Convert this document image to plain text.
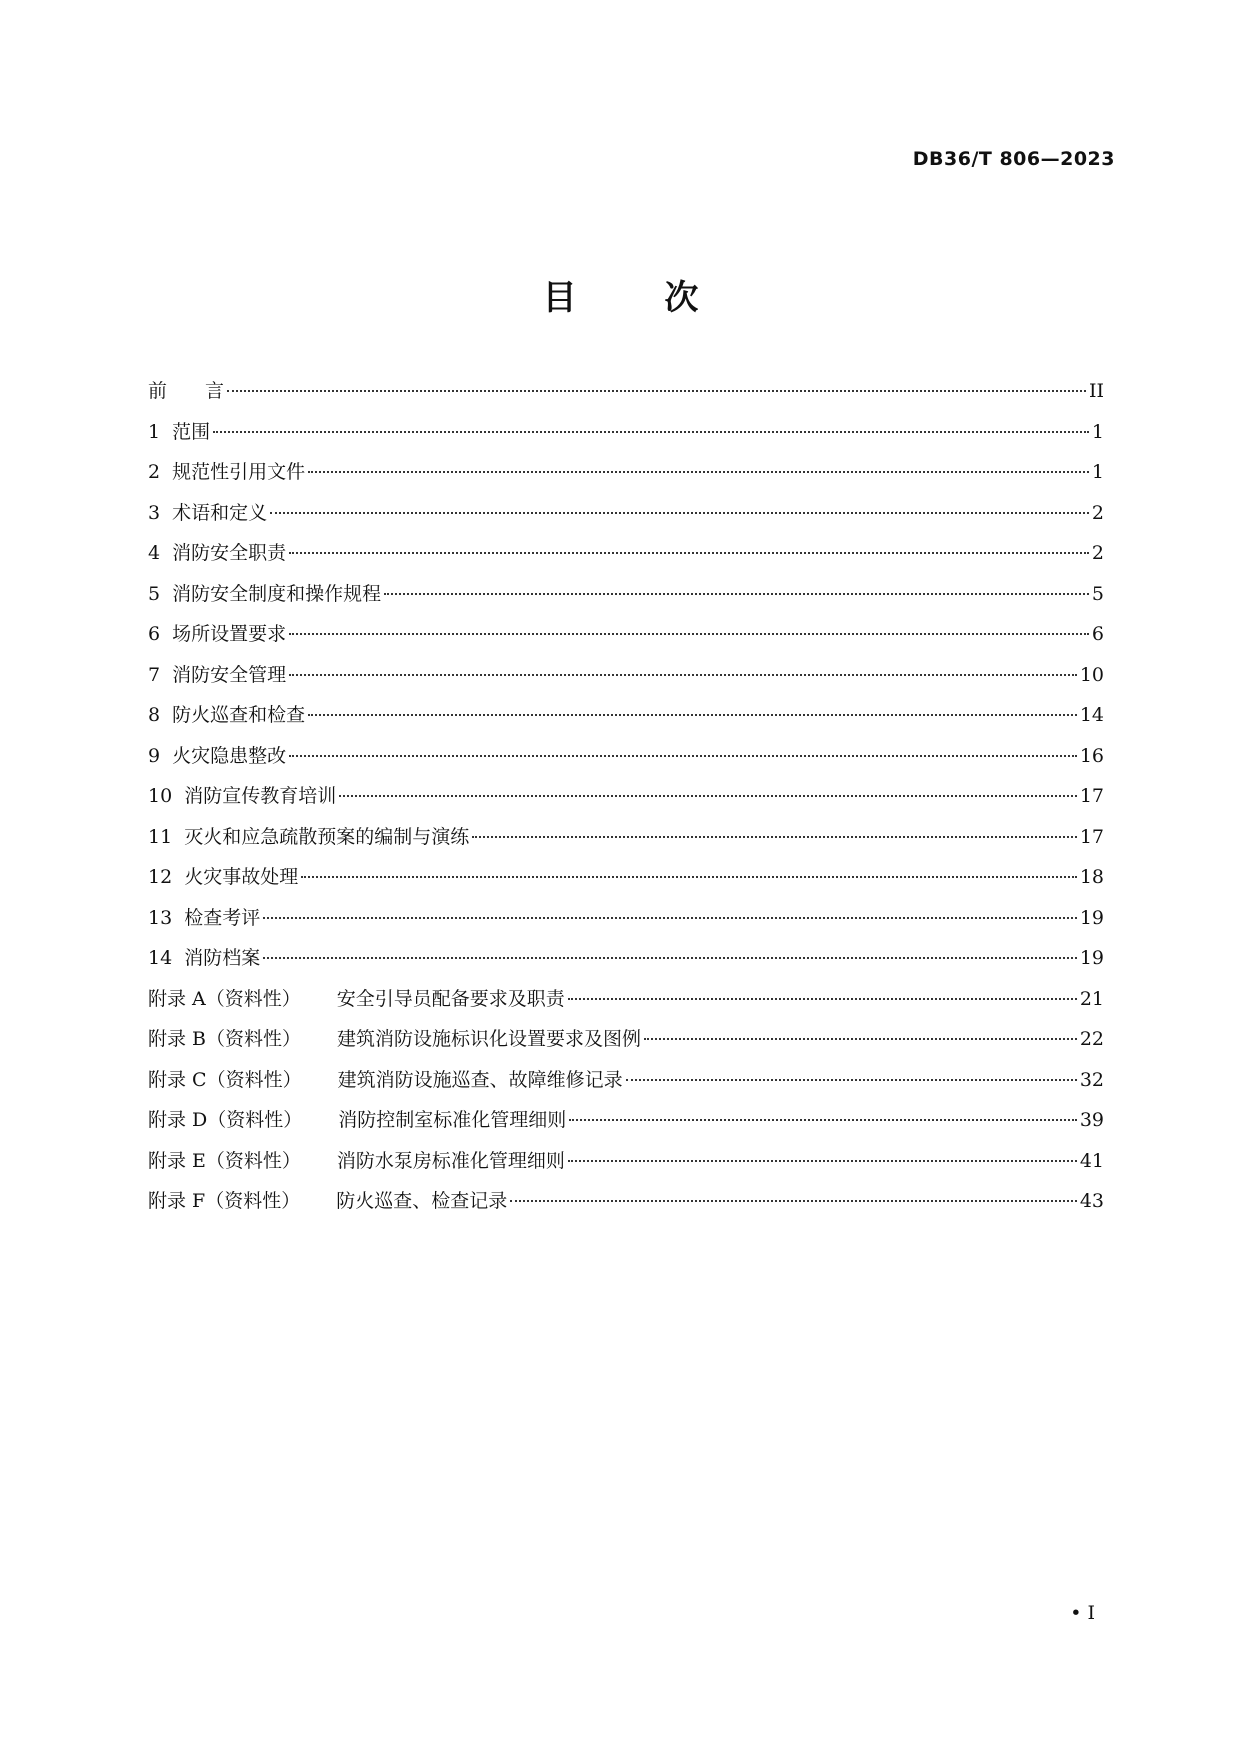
DB36/T 806—2023
目 次
前　　言	II
1  范围	1
2  规范性引用文件	1
3  术语和定义	2
4  消防安全职责	2
5  消防安全制度和操作规程	5
6  场所设置要求	6
7  消防安全管理	10
8  防火巡查和检查	14
9  火灾隐患整改	16
10  消防宣传教育培训	17
11  灭火和应急疏散预案的编制与演练	17
12  火灾事故处理	18
13  检查考评	19
14  消防档案	19
附录 A（资料性） 安全引导员配备要求及职责	21
附录 B（资料性） 建筑消防设施标识化设置要求及图例	22
附录 C（资料性） 建筑消防设施巡查、故障维修记录	32
附录 D（资料性） 消防控制室标准化管理细则	39
附录 E（资料性） 消防水泵房标准化管理细则	41
附录 F（资料性） 防火巡查、检查记录	43
• I
